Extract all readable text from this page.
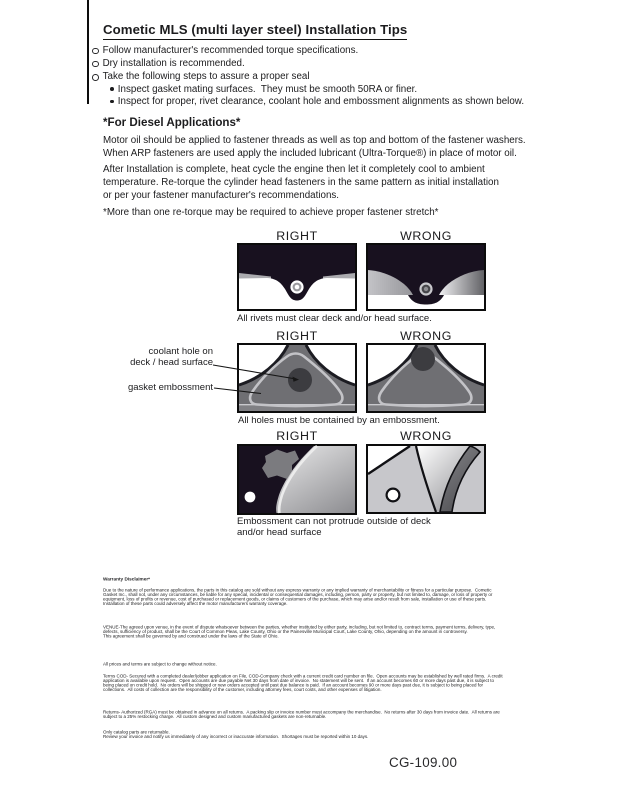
Cometic MLS (multi layer steel) Installation Tips
Follow manufacturer's recommended torque specifications.
Dry installation is recommended.
Take the following steps to assure a proper seal
Inspect gasket mating surfaces.  They must be smooth 50RA or finer.
Inspect for proper, rivet clearance, coolant hole and embossment alignments as shown below.
*For Diesel Applications*
Motor oil should be applied to fastener threads as well as top and bottom of the fastener washers.
When ARP fasteners are used apply the included lubricant (Ultra-Torque®) in place of motor oil.
After Installation is complete, heat cycle the engine then let it completely cool to ambient
temperature. Re-torque the cylinder head fasteners in the same pattern as initial installation
or per your fastener manufacturer's recommendations.
*More than one re-torque may be required to achieve proper fastener stretch*
RIGHT	WRONG
All rivets must clear deck and/or head surface.
RIGHT	WRONG
coolant hole on
deck / head surface
gasket embossment
All holes must be contained by an embossment.
RIGHT	WRONG
Embossment can not protrude outside of deck
and/or head surface

Warranty Disclaimer*

Due to the nature of performance applications, the parts in this catalog are sold without any express warranty or any implied warranty of merchantability or fitness for a particular purpose.  Cometic Gasket Inc., shall not, under any circumstances, be liable for any special, incidental or consequential damages, including, person, party or property, but not limited to, damage, or loss of property or equipment, loss of profits or revenue, cost of purchased or replacement goods, or claims of customers of the purchase, which may arise and/or result from sale, installation or use of these parts.  Installation of these parts could adversely affect the motor manufacturers warranty coverage.

VENUE-The agreed upon venue, in the event of dispute whatsoever between the parties, whether instituted by either party, including, but not limited to, contract terms, payment terms, delivery, type, defects, sufficiency of product, shall be the Court of Common Pleas, Lake County, Ohio or the Painesville Municipal Court, Lake County, Ohio, depending on the amount in controversy.
This agreement shall be governed by and construed under the laws of the State of Ohio.

All prices and terms are subject to change without notice.

Terms COD- Secured with a completed dealer/jobber application on File, COD-Company check with a current credit card number on file.  Open accounts may be established by well rated firms.  A credit application is available upon request.  Open accounts are due payable Net 30 days from date of invoice.  No statement will be sent.  If an account becomes 60 or more days past due, it is subject to being placed on credit hold.  No orders will be shipped or new orders accepted until past due balance is paid.  If an account becomes 90 or more days past due, it is subject to being placed for collections.  All costs of collection are the responsibility of the customer, including attorney fees, court costs, and other expenses of litigation.

Returns- Authorized (RGA) must be obtained in advance on all returns.  A packing slip or invoice number must accompany the merchandise.  No returns after 30 days from invoice date.  All returns are subject to a 25% restocking charge.  All custom designed and custom manufactured gaskets are non-returnable.

Only catalog parts are returnable.
Review your invoice and notify us immediately of any incorrect or inaccurate information.  Shortages must be reported within 10 days.

CG-109.00
